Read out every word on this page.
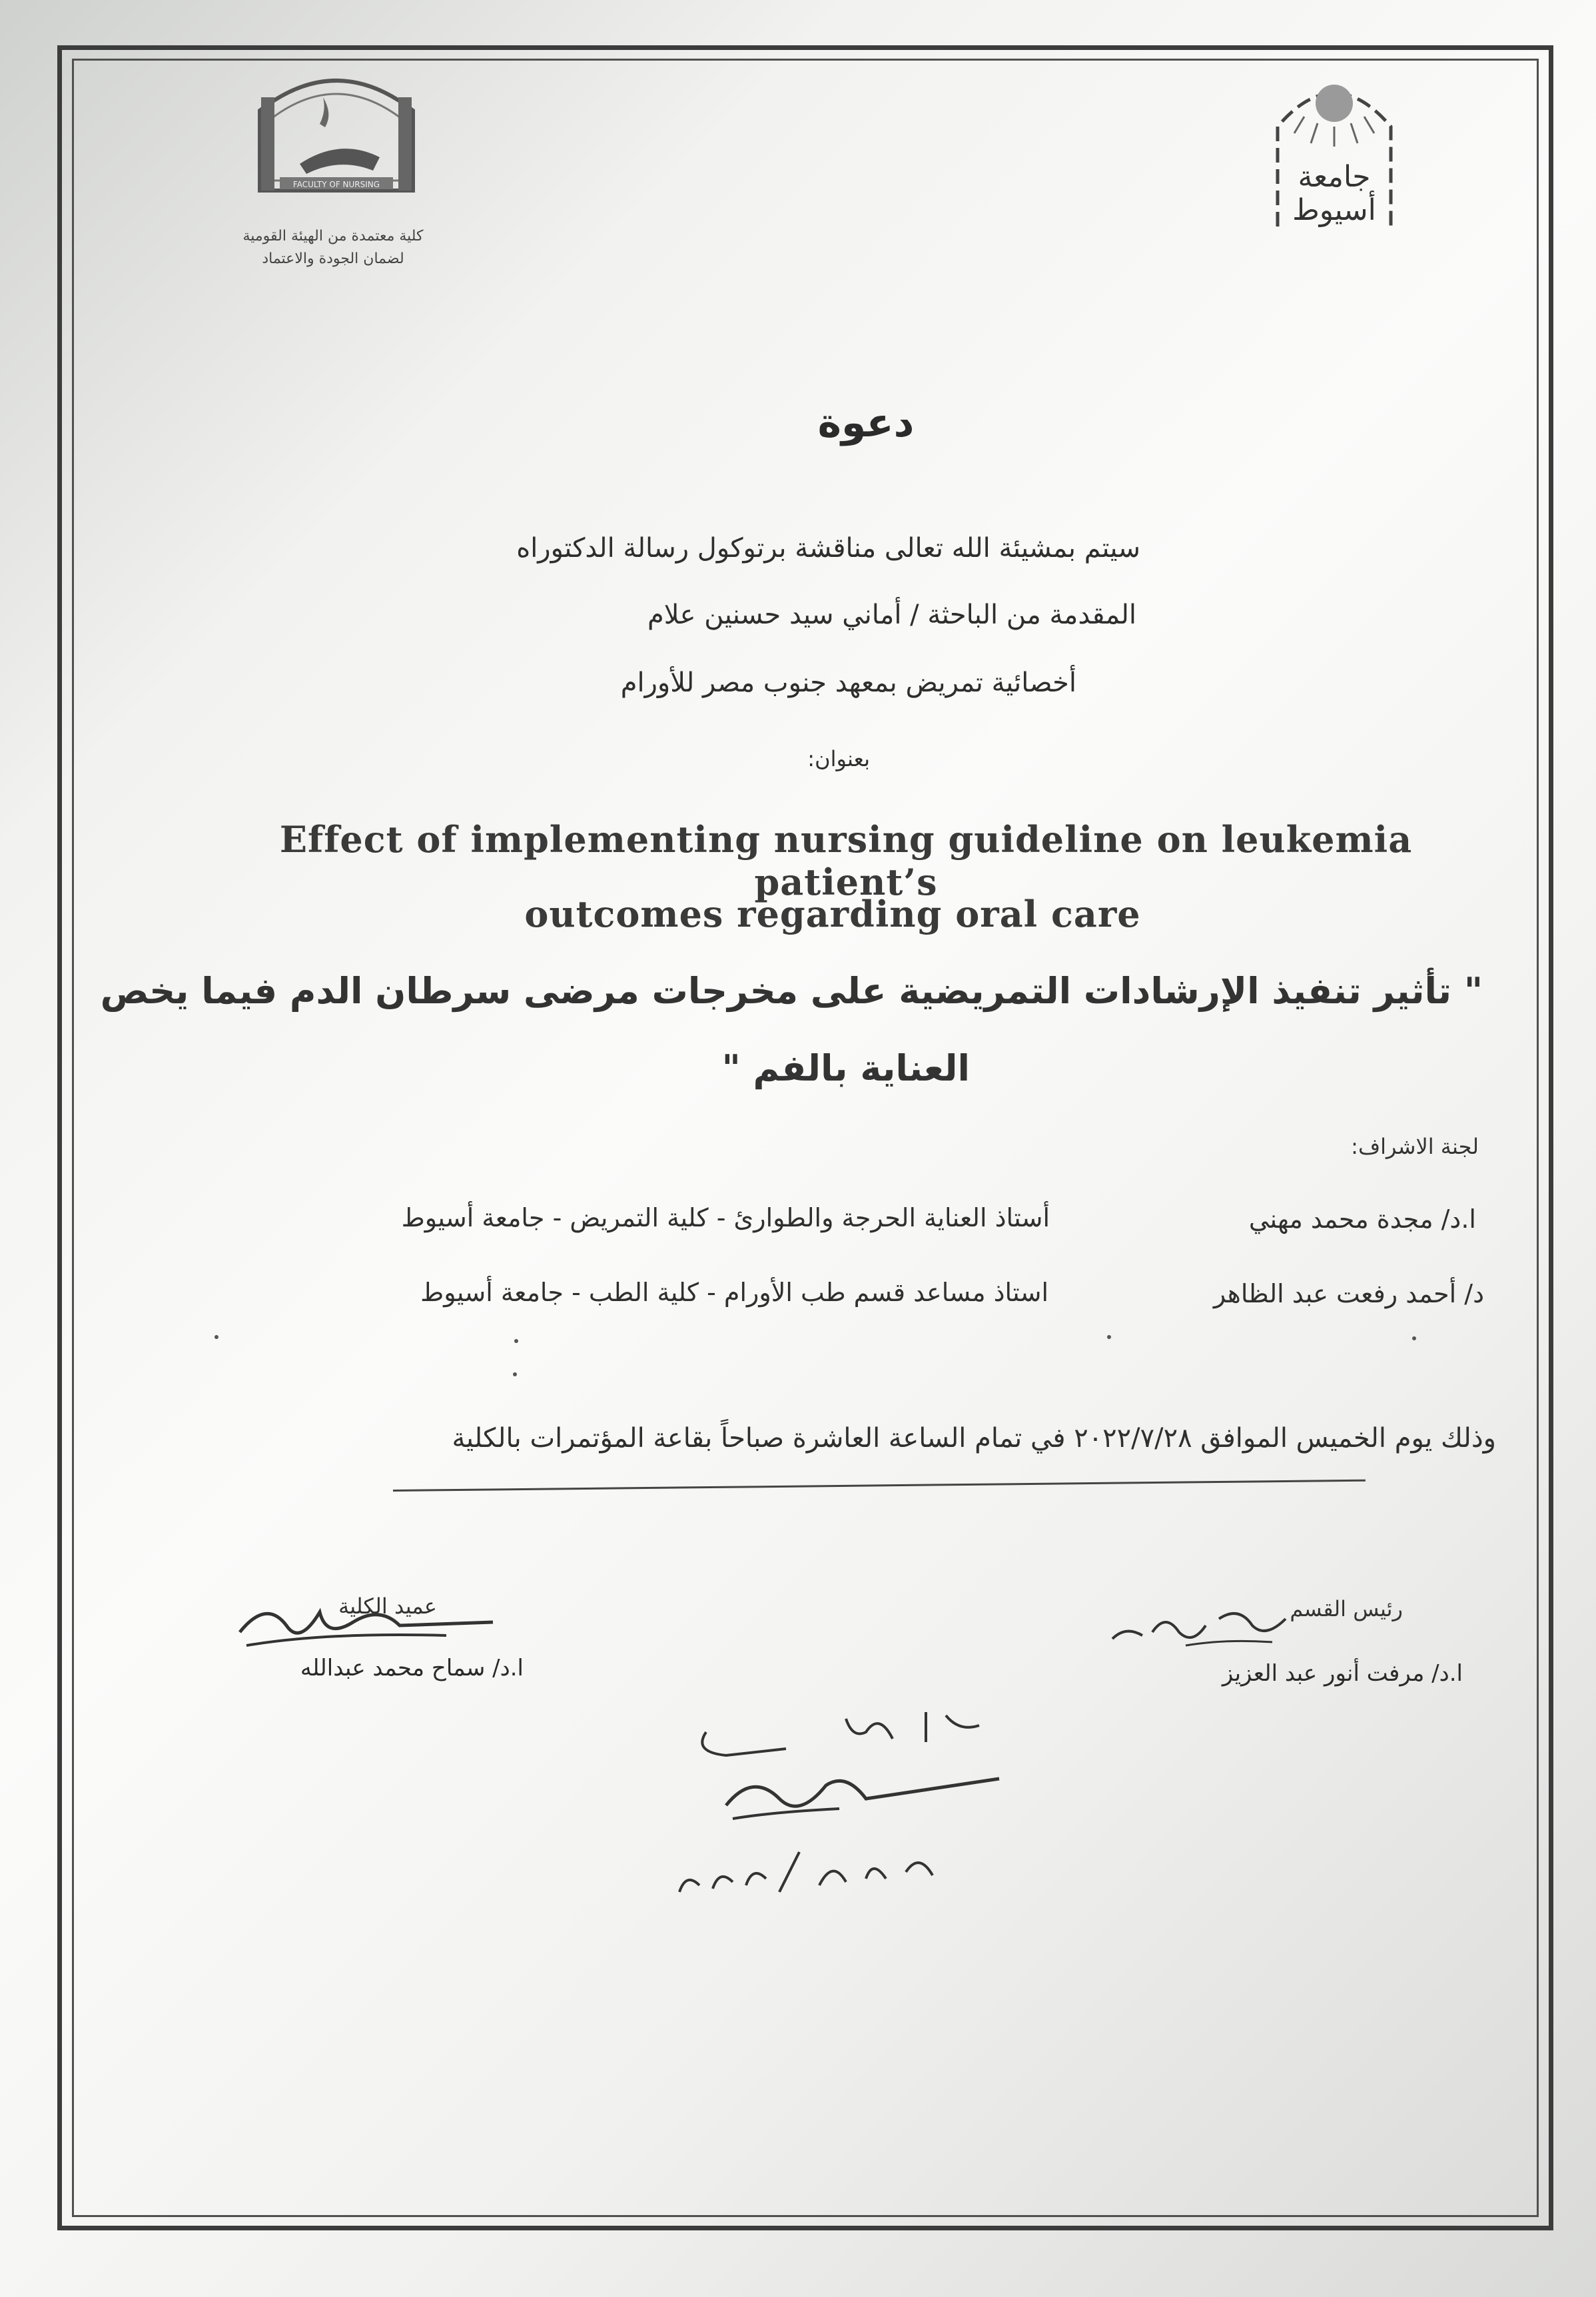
FACULTY OF NURSING
كلية معتمدة من الهيئة القومية
لضمان الجودة والاعتماد
جامعة
أسيوط
دعوة
سيتم بمشيئة الله تعالى مناقشة برتوكول رسالة الدكتوراه
المقدمة من الباحثة / أماني سيد حسنين علام
أخصائية تمريض بمعهد جنوب مصر للأورام
بعنوان:
Effect of implementing nursing guideline on leukemia patient’s
outcomes regarding oral care
" تأثير تنفيذ الإرشادات التمريضية على مخرجات مرضى سرطان الدم فيما يخص
العناية بالفم "
لجنة الاشراف:
ا.د/ مجدة محمد مهني
أستاذ العناية الحرجة والطوارئ - كلية التمريض - جامعة أسيوط
د/ أحمد رفعت عبد الظاهر
استاذ مساعد قسم طب الأورام - كلية الطب - جامعة أسيوط
وذلك يوم الخميس الموافق ٢٠٢٢/٧/٢٨ في تمام الساعة العاشرة صباحاً بقاعة المؤتمرات بالكلية
عميد الكلية
ا.د/ سماح محمد عبدالله
رئيس القسم
ا.د/ مرفت أنور عبد العزيز
